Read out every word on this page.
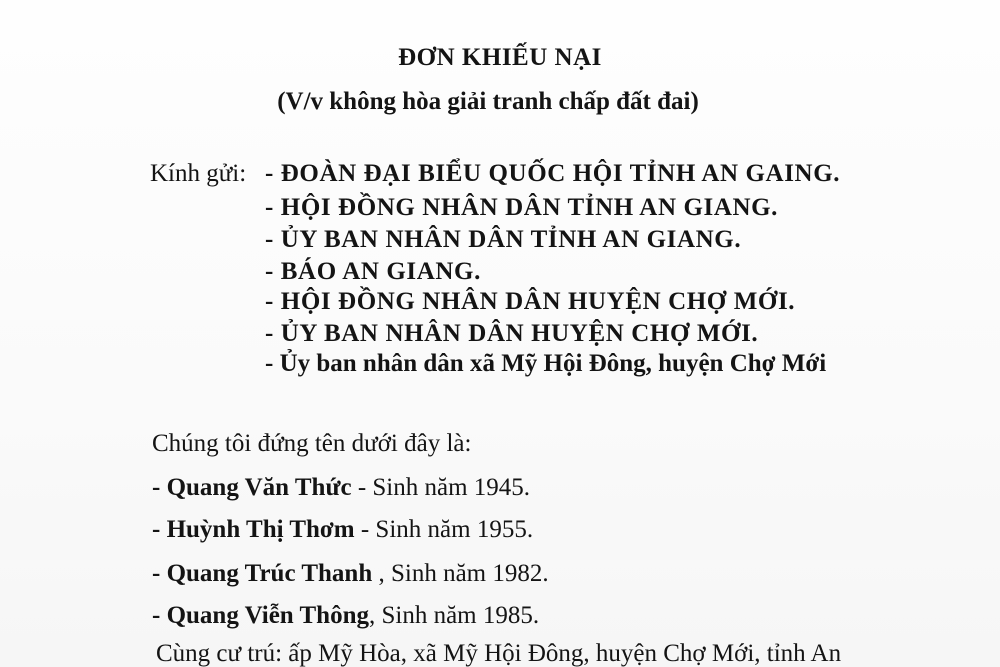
ĐƠN KHIẾU NẠI
(V/v không hòa giải tranh chấp đất đai)
Kính gửi: - ĐOÀN ĐẠI BIỂU QUỐC HỘI TỈNH AN GAING.
- HỘI ĐỒNG NHÂN DÂN TỈNH AN GIANG.
- ỦY BAN NHÂN DÂN TỈNH AN GIANG.
- BÁO AN GIANG.
- HỘI ĐỒNG NHÂN DÂN HUYỆN CHỢ MỚI.
- ỦY BAN NHÂN DÂN HUYỆN CHỢ MỚI.
- Ủy ban nhân dân xã Mỹ Hội Đông, huyện Chợ Mới
Chúng tôi đứng tên dưới đây là:
- Quang Văn Thức - Sinh năm 1945.
- Huỳnh Thị Thơm - Sinh năm 1955.
- Quang Trúc Thanh , Sinh năm 1982.
- Quang Viễn Thông, Sinh năm 1985.
Cùng cư trú: ấp Mỹ Hòa, xã Mỹ Hội Đông, huyện Chợ Mới, tỉnh An
